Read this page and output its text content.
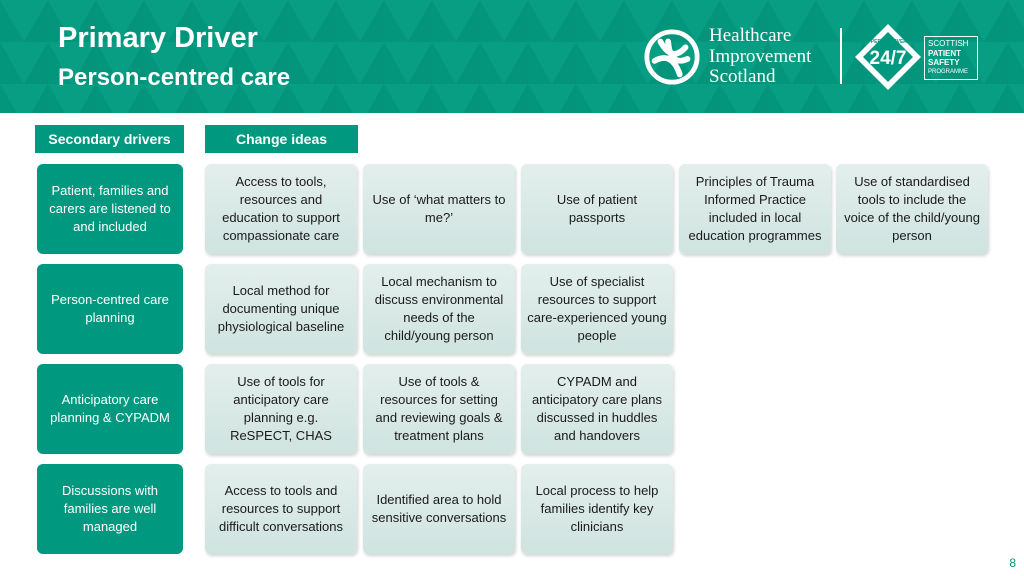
Primary Driver
Person-centred care
Healthcare
Improvement
Scotland
24/7
EVERY PERSON EVERY TIME SCOTTISH
PATIENT
SAFETY
PROGRAMME
Secondary drivers	Change ideas
Patient, families and carers are listened to and included
Access to tools, resources and education to support compassionate care
Use of ‘what matters to me?’
Use of patient passports
Principles of Trauma Informed Practice included in local education programmes
Use of standardised tools to include the voice of the child/young person
Person-centred care planning
Local method for documenting unique physiological baseline
Local mechanism to discuss environmental needs of the child/young person
Use of specialist resources to support care-experienced young people
Anticipatory care planning & CYPADM
Use of tools for anticipatory care planning e.g. ReSPECT, CHAS
Use of tools & resources for setting and reviewing goals & treatment plans
CYPADM and anticipatory care plans discussed in huddles and handovers
Discussions with families are well managed
Access to tools and resources to support difficult conversations
Identified area to hold sensitive conversations
Local process to help families identify key clinicians
8
